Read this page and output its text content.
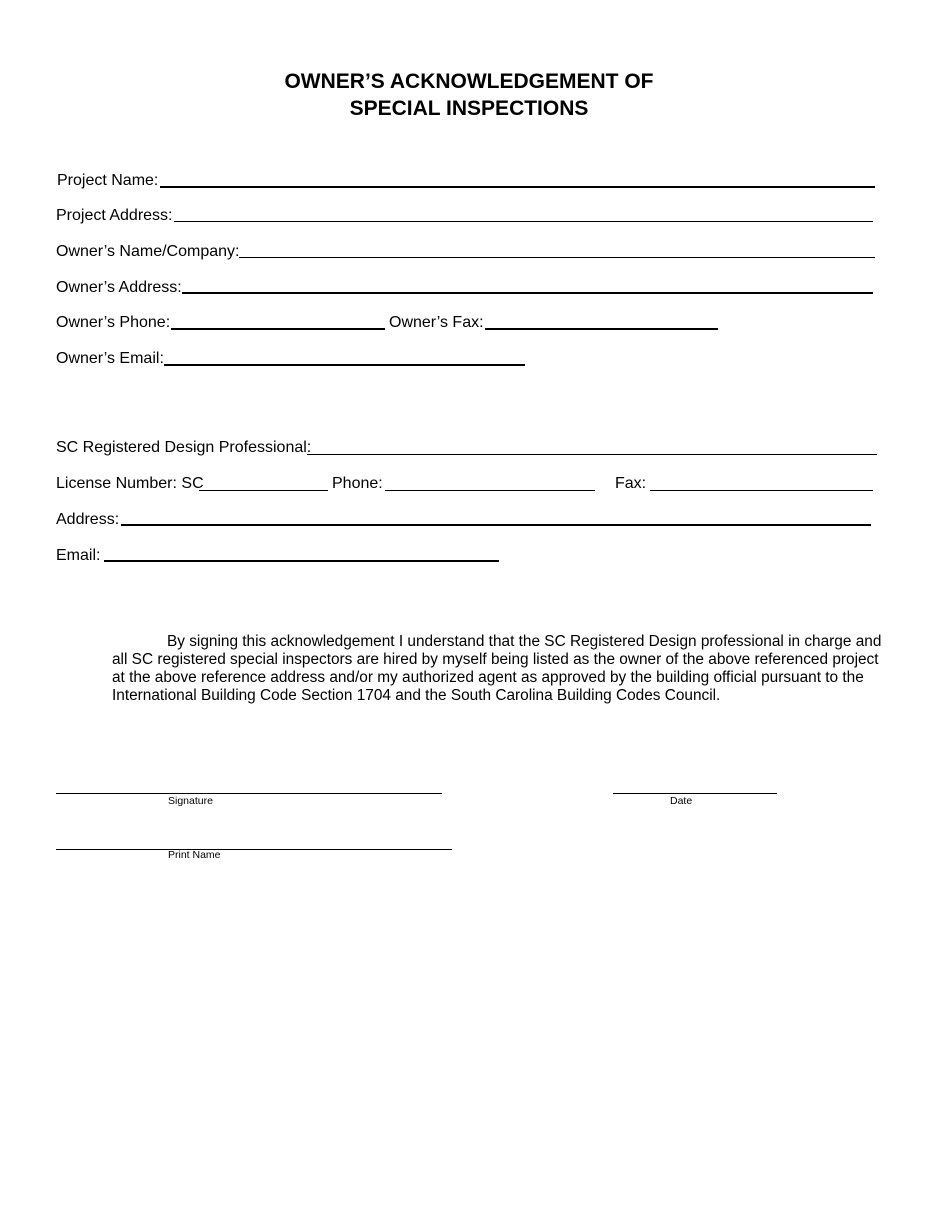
OWNER’S ACKNOWLEDGEMENT OF
SPECIAL INSPECTIONS
Project Name:
Project Address:
Owner’s Name/Company:
Owner’s Address:
Owner’s Phone:	Owner’s Fax:
Owner’s Email:
SC Registered Design Professional:
License Number: SC	Phone:	Fax:
Address:
Email:

By signing this acknowledgement I understand that the SC Registered Design professional in charge and all SC registered special inspectors are hired by myself being listed as the owner of the above referenced project at the above reference address and/or my authorized agent as approved by the building official pursuant to the International Building Code Section 1704 and the South Carolina Building Codes Council.

Signature	Date
Print Name
